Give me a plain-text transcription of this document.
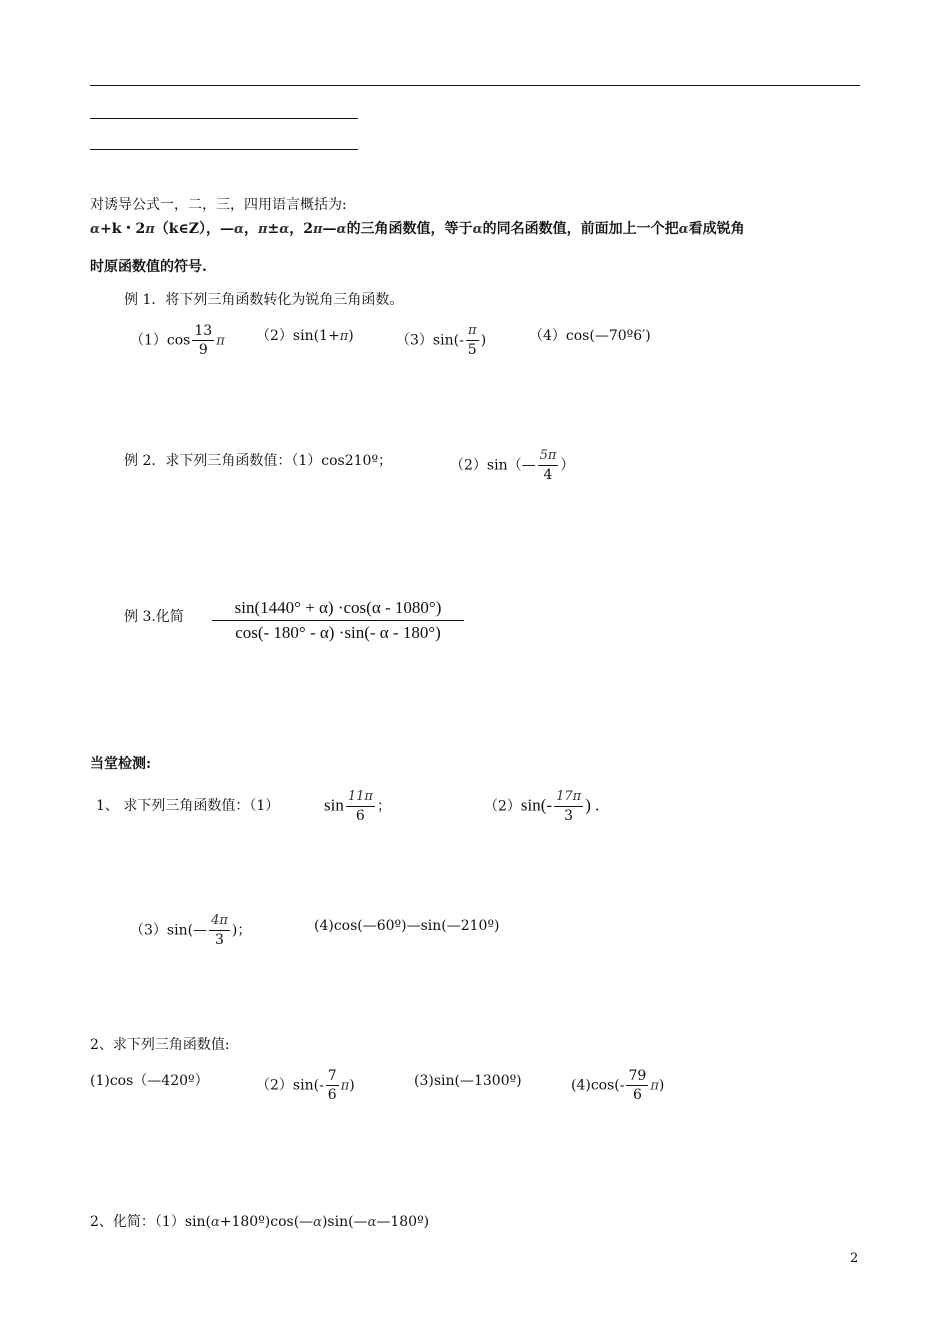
对诱导公式一，二，三，四用语言概括为:
α+k・2π（k∈Z），—α，π±α，2π—α的三角函数值，等于α的同名函数值，前面加上一个把α看成锐角
时原函数值的符号.
例 1．将下列三角函数转化为锐角三角函数。
$(1)\cos \frac{13}{9}$ π （2）sin(1+π)	$(3)\sin(- \frac{\pi}{5}$ )	（4）cos(—70º6′)
例 2．求下列三角函数值：（1）cos210º；	（2）sin（— $\frac{5\pi}{4}$ ）
例 3.化简	sin(1440° + α) ·cos(α - 1080°)
cos(- 180° - α) ·sin(- α - 180°)
当堂检测:
1、 求下列三角函数值：（1）	$\sin \frac{11\pi}{6}$ ；	$(2)\sin(- \frac{17\pi}{3}$ ) .
（3）sin(— $\frac{4\pi}{3}$ )；	(4)cos(—60º)—sin(—210º)
2、求下列三角函数值:
(1)cos（—420º）	$(2)\sin(- \frac{7}{6} \pi)$	(3)sin(—1300º)	$(4)\cos(- \frac{79}{6} \pi)$
2、化简：（1）sin(α+180º)cos(—α)sin(—α—180º)
2
